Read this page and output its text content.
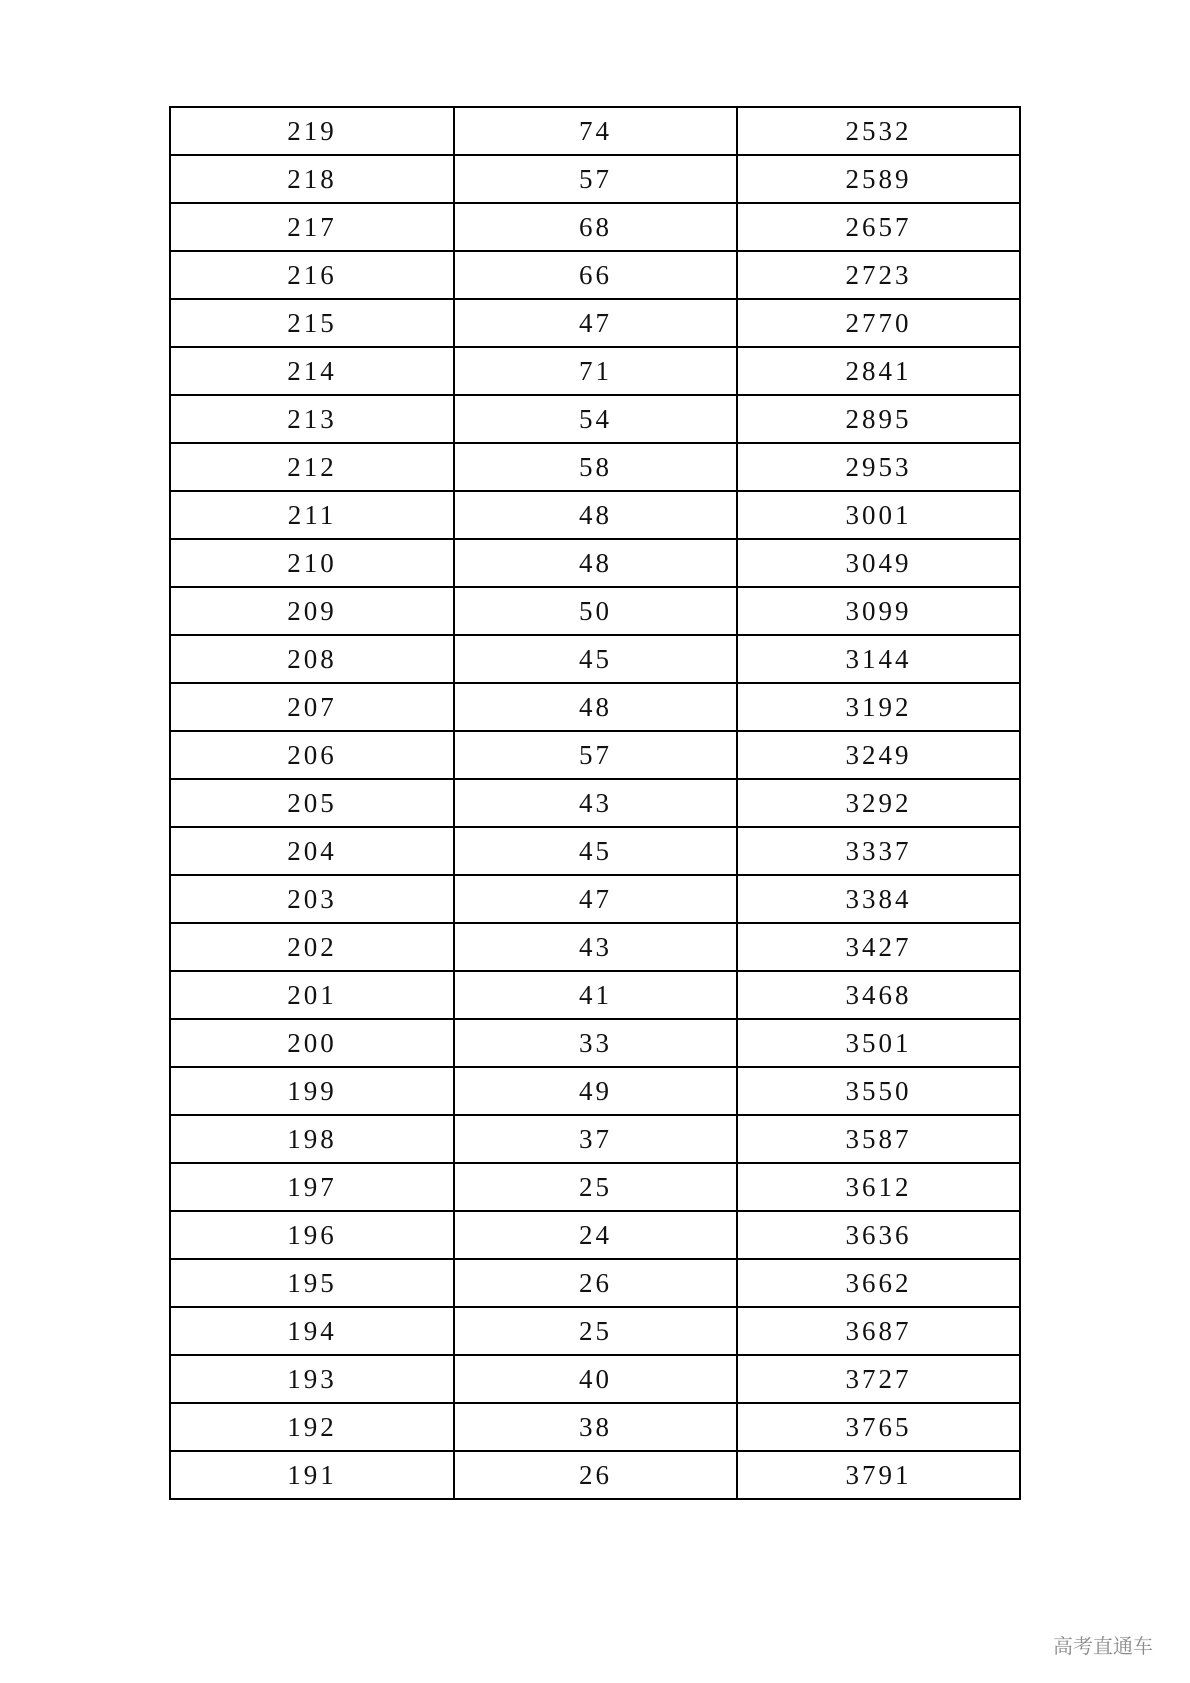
219	74	2532
218	57	2589
217	68	2657
216	66	2723
215	47	2770
214	71	2841
213	54	2895
212	58	2953
211	48	3001
210	48	3049
209	50	3099
208	45	3144
207	48	3192
206	57	3249
205	43	3292
204	45	3337
203	47	3384
202	43	3427
201	41	3468
200	33	3501
199	49	3550
198	37	3587
197	25	3612
196	24	3636
195	26	3662
194	25	3687
193	40	3727
192	38	3765
191	26	3791
高考直通车
